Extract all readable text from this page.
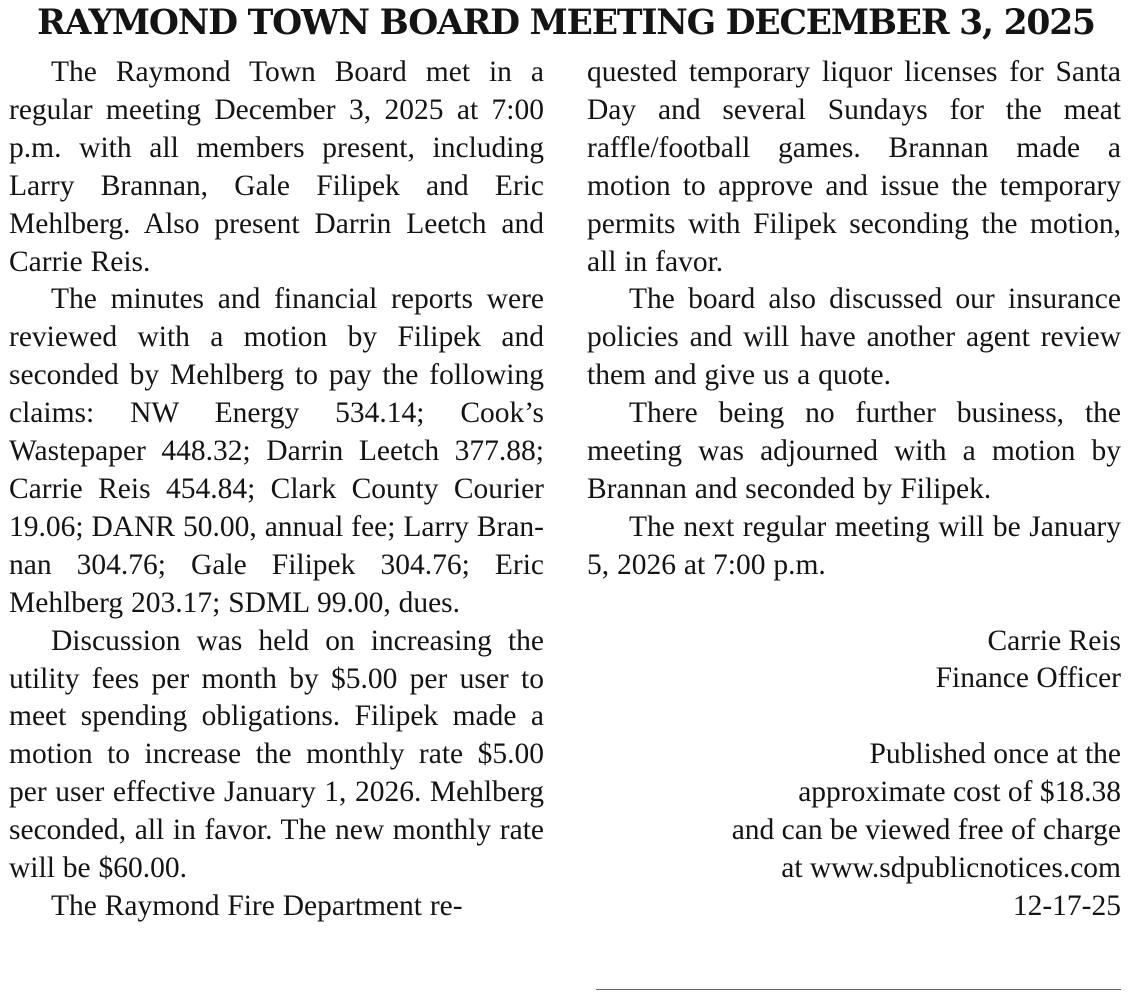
RAYMOND TOWN BOARD MEETING DECEMBER 3, 2025

The Raymond Town Board met in a regular meeting December 3, 2025 at 7:00 p.m. with all members present, including Larry Brannan, Gale Filipek and Eric Mehlberg. Also present Darrin Leetch and Carrie Reis.

The minutes and financial reports were reviewed with a motion by Filipek and seconded by Mehlberg to pay the following claims: NW Energy 534.14; Cook’s Wastepaper 448.32; Darrin Leetch 377.88; Carrie Reis 454.84; Clark County Courier 19.06; DANR 50.00, annual fee; Larry Brannan 304.76; Gale Filipek 304.76; Eric Mehlberg 203.17; SDML 99.00, dues.

Discussion was held on increasing the utility fees per month by $5.00 per user to meet spending obligations. Filipek made a motion to increase the monthly rate $5.00 per user effective January 1, 2026. Mehlberg seconded, all in favor. The new monthly rate will be $60.00.

The Raymond Fire Department re-

quested temporary liquor licenses for Santa Day and several Sundays for the meat raffle/football games. Brannan made a motion to approve and issue the temporary permits with Filipek seconding the motion, all in favor.

The board also discussed our insurance policies and will have another agent review them and give us a quote.

There being no further business, the meeting was adjourned with a motion by Brannan and seconded by Filipek.

The next regular meeting will be January 5, 2026 at 7:00 p.m.

Carrie Reis
Finance Officer
Published once at the
approximate cost of $18.38
and can be viewed free of charge
at www.sdpublicnotices.com
12-17-25
